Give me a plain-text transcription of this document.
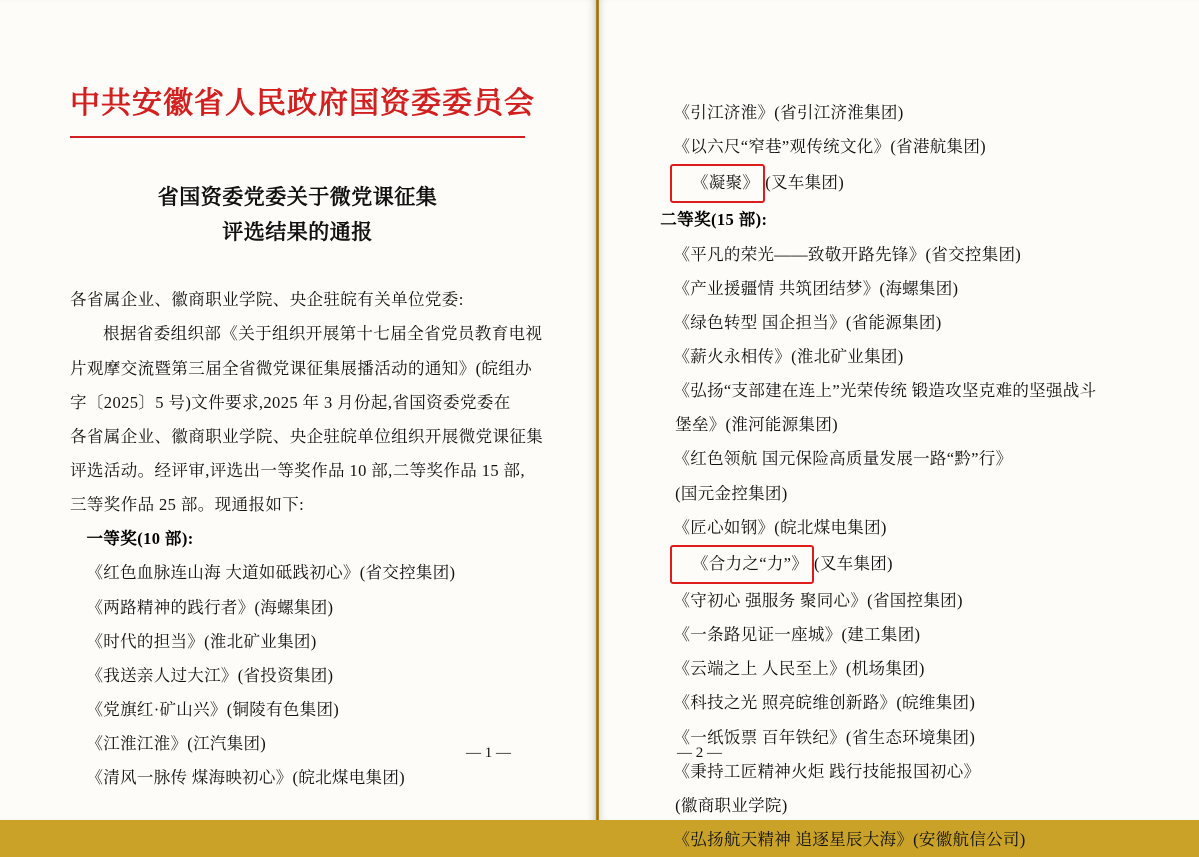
中共安徽省人民政府国资委委员会
省国资委党委关于微党课征集
评选结果的通报
各省属企业、徽商职业学院、央企驻皖有关单位党委:
根据省委组织部《关于组织开展第十七届全省党员教育电视
片观摩交流暨第三届全省微党课征集展播活动的通知》(皖组办
字〔2025〕5 号)文件要求,2025 年 3 月份起,省国资委党委在
各省属企业、徽商职业学院、央企驻皖单位组织开展微党课征集
评选活动。经评审,评选出一等奖作品 10 部,二等奖作品 15 部,
三等奖作品 25 部。现通报如下:
一等奖(10 部):
《红色血脉连山海 大道如砥践初心》(省交控集团)
《两路精神的践行者》(海螺集团)
《时代的担当》(淮北矿业集团)
《我送亲人过大江》(省投资集团)
《党旗红·矿山兴》(铜陵有色集团)
《江淮江淮》(江汽集团)
《清风一脉传 煤海映初心》(皖北煤电集团)
— 1 —
《引江济淮》(省引江济淮集团)
《以六尺“窄巷”观传统文化》(省港航集团)
《凝聚》 (叉车集团)
二等奖(15 部):
《平凡的荣光——致敬开路先锋》(省交控集团)
《产业援疆情 共筑团结梦》(海螺集团)
《绿色转型 国企担当》(省能源集团)
《薪火永相传》(淮北矿业集团)
《弘扬“支部建在连上”光荣传统 锻造攻坚克难的坚强战斗
堡垒》(淮河能源集团)
《红色领航 国元保险高质量发展一路“黔”行》
(国元金控集团)
《匠心如钢》(皖北煤电集团)
《合力之“力”》 (叉车集团)
《守初心 强服务 聚同心》(省国控集团)
《一条路见证一座城》(建工集团)
《云端之上 人民至上》(机场集团)
《科技之光 照亮皖维创新路》(皖维集团)
《一纸饭票 百年铁纪》(省生态环境集团)
《秉持工匠精神火炬 践行技能报国初心》
(徽商职业学院)
《弘扬航天精神 追逐星辰大海》(安徽航信公司)
— 2 —
